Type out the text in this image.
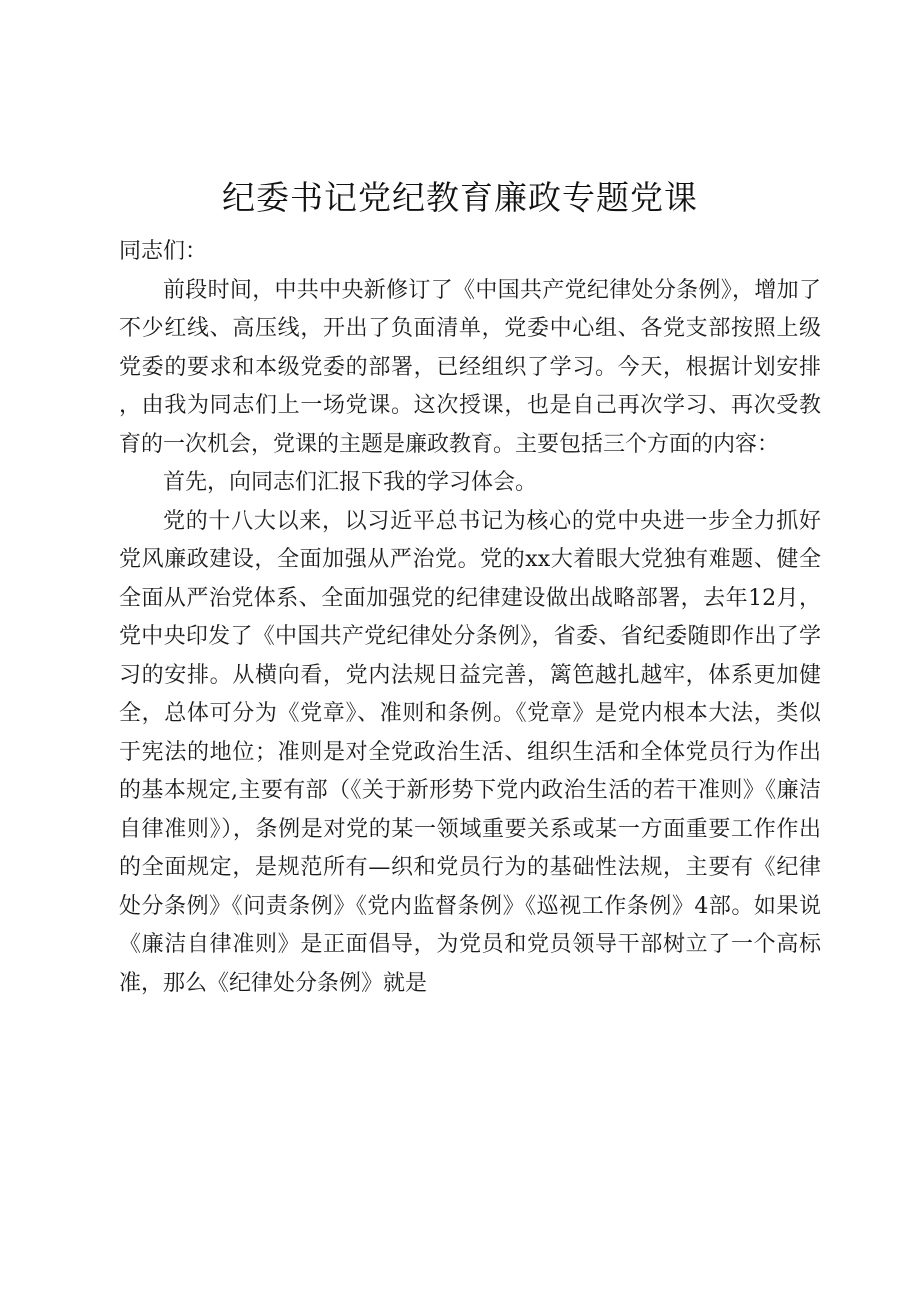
纪委书记党纪教育廉政专题党课

同志们：

前段时间，中共中央新修订了《中国共产党纪律处分条例》，增加了不少红线、高压线，开出了负面清单，党委中心组、各党支部按照上级党委的要求和本级党委的部署，已经组织了学习。今天，根据计划安排，由我为同志们上一场党课。这次授课，也是自己再次学习、再次受教育的一次机会，党课的主题是廉政教育。主要包括三个方面的内容：

首先，向同志们汇报下我的学习体会。

党的十八大以来，以习近平总书记为核心的党中央进一步全力抓好党风廉政建设，全面加强从严治党。党的xx大着眼大党独有难题、健全全面从严治党体系、全面加强党的纪律建设做出战略部署，去年12月，党中央印发了《中国共产党纪律处分条例》，省委、省纪委随即作出了学习的安排。从横向看，党内法规日益完善，篱笆越扎越牢，体系更加健全，总体可分为《党章》、准则和条例。《党章》是党内根本大法，类似于宪法的地位；准则是对全党政治生活、组织生活和全体党员行为作出的基本规定,主要有部（《关于新形势下党内政治生活的若干准则》《廉洁自律准则》），条例是对党的某一领域重要关系或某一方面重要工作作出的全面规定，是规范所有—织和党员行为的基础性法规，主要有《纪律处分条例》《问责条例》《党内监督条例》《巡视工作条例》4部。如果说《廉洁自律准则》是正面倡导，为党员和党员领导干部树立了一个高标准，那么《纪律处分条例》就是
